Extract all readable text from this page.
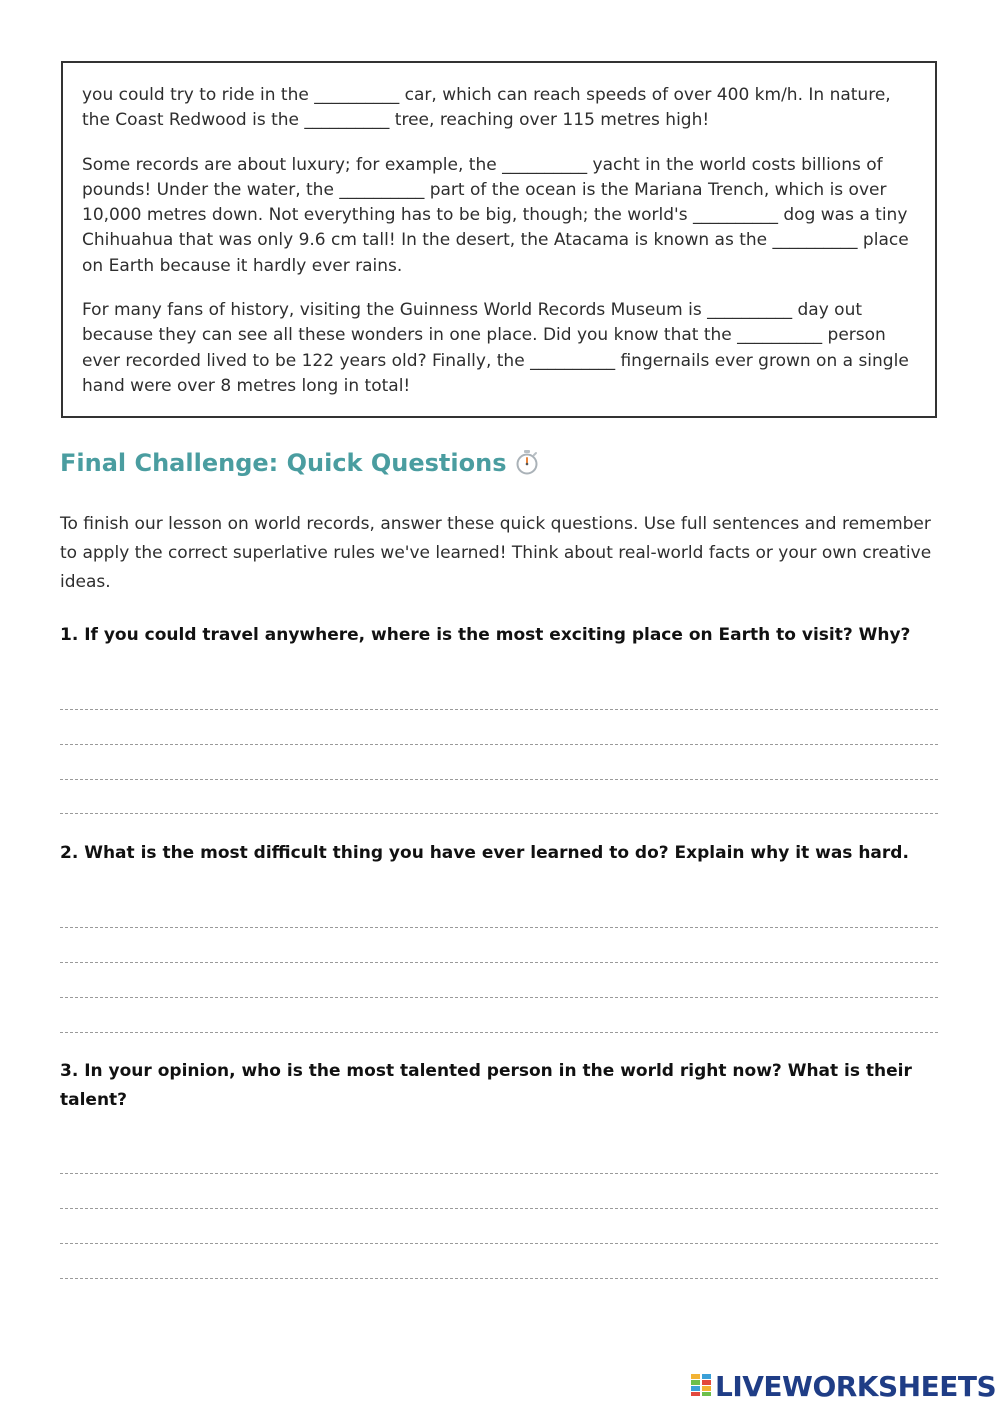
you could try to ride in the __________ car, which can reach speeds of over 400 km/h. In nature, the Coast Redwood is the __________ tree, reaching over 115 metres high!

Some records are about luxury; for example, the __________ yacht in the world costs billions of pounds! Under the water, the __________ part of the ocean is the Mariana Trench, which is over 10,000 metres down. Not everything has to be big, though; the world's __________ dog was a tiny Chihuahua that was only 9.6 cm tall! In the desert, the Atacama is known as the __________ place on Earth because it hardly ever rains.

For many fans of history, visiting the Guinness World Records Museum is __________ day out because they can see all these wonders in one place. Did you know that the __________ person ever recorded lived to be 122 years old? Finally, the __________ fingernails ever grown on a single hand were over 8 metres long in total!

Final Challenge: Quick Questions

To finish our lesson on world records, answer these quick questions. Use full sentences and remember to apply the correct superlative rules we've learned! Think about real-world facts or your own creative ideas.

1. If you could travel anywhere, where is the most exciting place on Earth to visit? Why?

2. What is the most difficult thing you have ever learned to do? Explain why it was hard.

3. In your opinion, who is the most talented person in the world right now? What is their talent?

LIVEWORKSHEETS
